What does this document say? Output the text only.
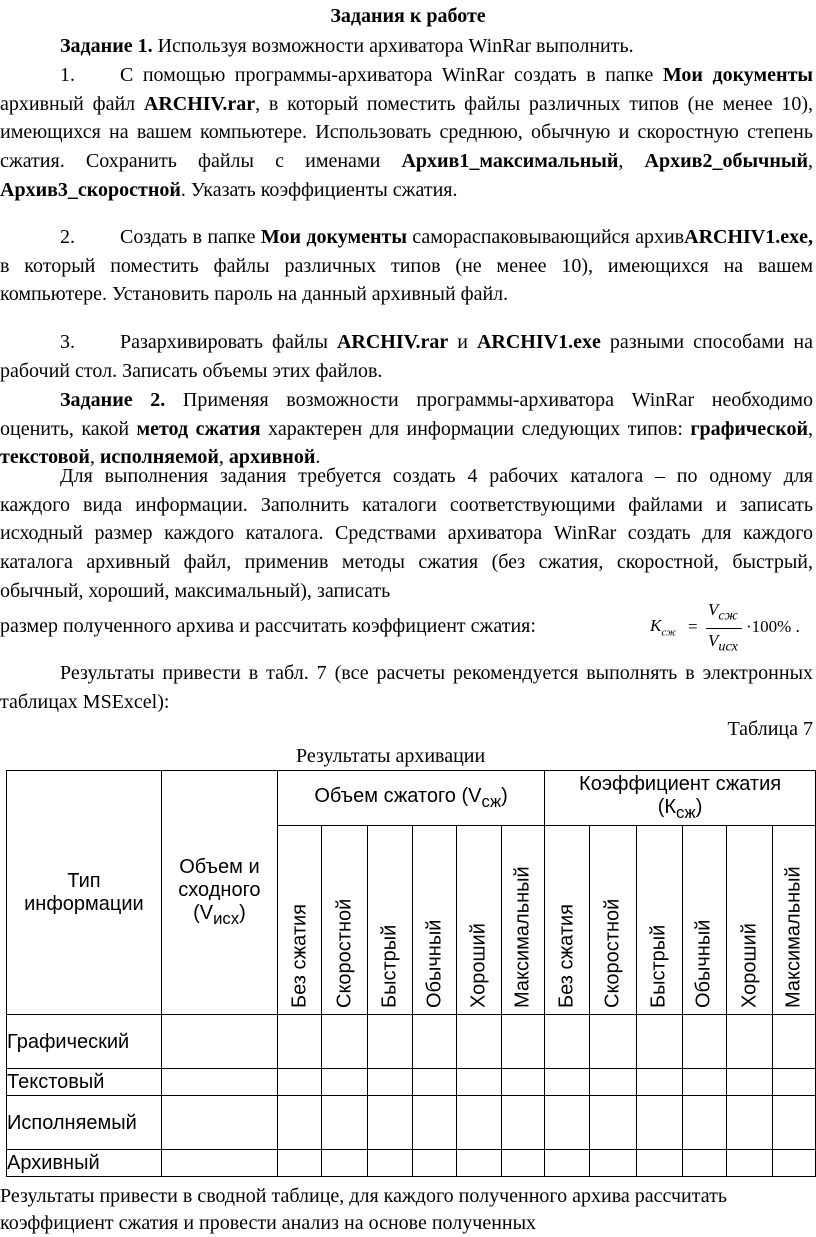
Задания к работе

Задание 1. Используя возможности архиватора WinRar выполнить.

1. С помощью программы-архиватора WinRar создать в папке Мои документы архивный файл ARCHIV.rar, в который поместить файлы различных типов (не менее 10), имеющихся на вашем компьютере. Использовать среднюю, обычную и скоростную степень сжатия. Сохранить файлы с именами Архив1_максимальный, Архив2_обычный, Архив3_скоростной. Указать коэффициенты сжатия.

2. Создать в папке Мои документы самораспаковывающийся архивARCHIV1.exe, в который поместить файлы различных типов (не менее 10), имеющихся на вашем компьютере. Установить пароль на данный архивный файл.

3. Разархивировать файлы ARCHIV.rar и ARCHIV1.exe разными способами на рабочий стол. Записать объемы этих файлов.

Задание 2. Применяя возможности программы-архиватора WinRar необходимо оценить, какой метод сжатия характерен для информации следующих типов: графической, текстовой, исполняемой, архивной.

Для выполнения задания требуется создать 4 рабочих каталога – по одному для каждого вида информации. Заполнить каталоги соответствующими файлами и записать исходный размер каждого каталога. Средствами архиватора WinRar создать для каждого каталога архивный файл, применив методы сжатия (без сжатия, скоростной, быстрый, обычный, хороший, максимальный), записать

размер полученного архива и рассчитать коэффициент сжатия:	$K_{сж}$ =
$V_{сж}$
$V_{исх}$
·100% .

Результаты привести в табл. 7 (все расчеты рекомендуется выполнять в электронных таблицах MSExcel):

Таблица 7
Результаты архивации
Тип информации	Объем исходного $(V_{исх})$	Объем сжатого $(V_{сж})$						Коэффициент сжатия $(К_{сж})$					

		Без сжатия	Скоростной	Быстрый	Обычный	Хороший	Максимальный	Без сжатия	Скоростной	Быстрый	Обычный	Хороший	Максимальный

Графический													
Текстовый													
Исполняемый													
Архивный													
Результаты привести в сводной таблице, для каждого полученного архива рассчитать коэффициент сжатия и провести анализ на основе полученных
